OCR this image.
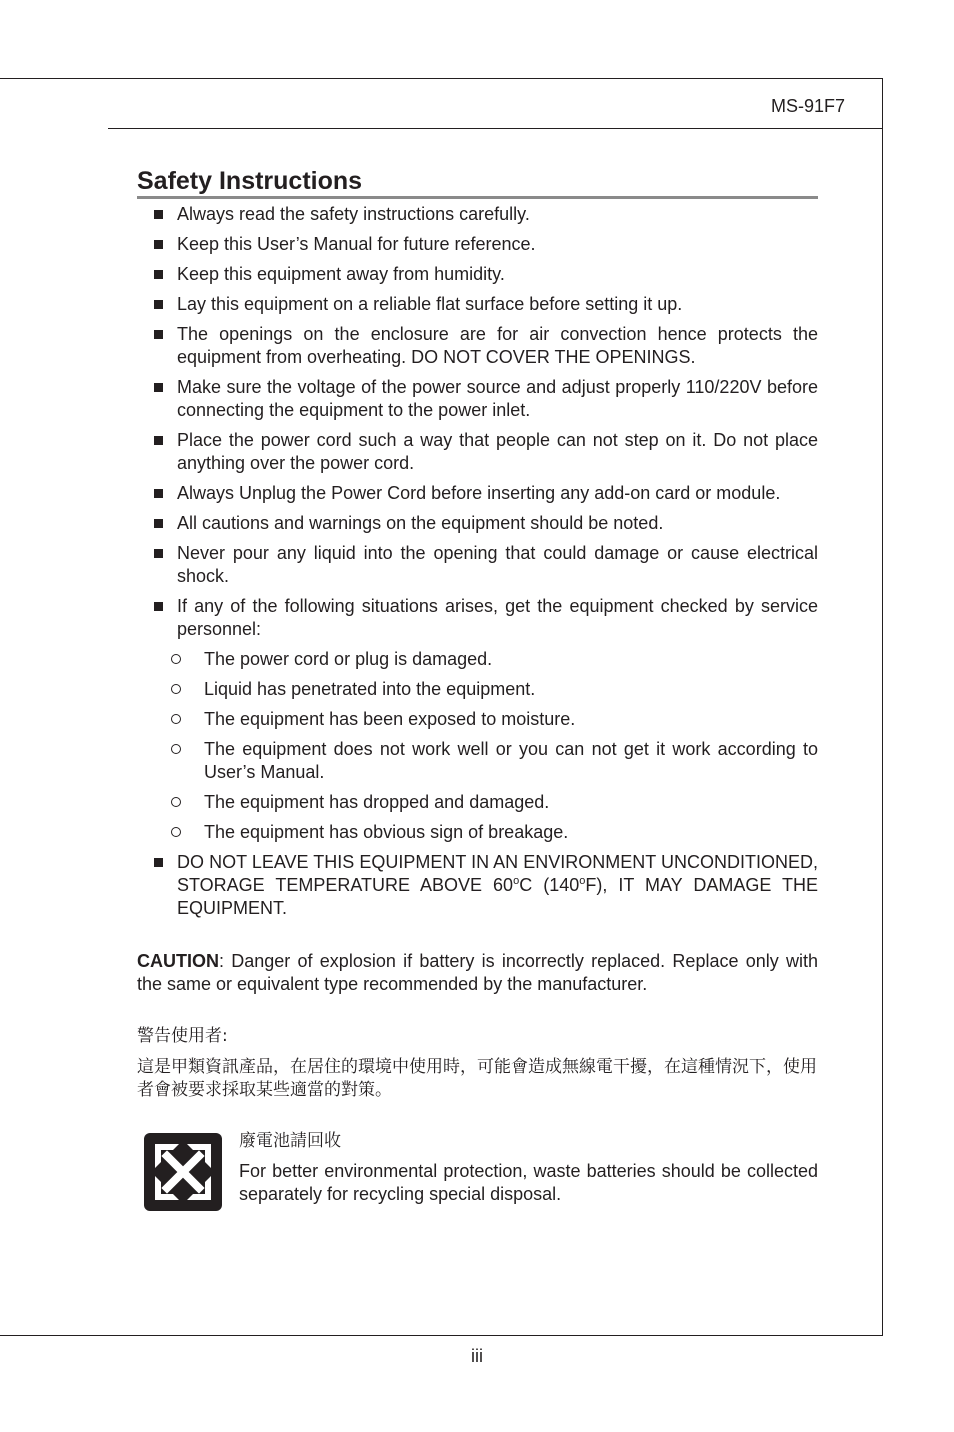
MS-91F7
Safety Instructions
Always read the safety instructions carefully.
Keep this User’s Manual for future reference.
Keep this equipment away from humidity.
Lay this equipment on a reliable flat surface before setting it up.
The openings on the enclosure are for air convection hence protects the equipment from overheating. DO NOT COVER THE OPENINGS.
Make sure the voltage of the power source and adjust properly 110/220V before connecting the equipment to the power inlet.
Place the power cord such a way that people can not step on it. Do not place anything over the power cord.
Always Unplug the Power Cord before inserting any add-on card or module.
All cautions and warnings on the equipment should be noted.
Never pour any liquid into the opening that could damage or cause electrical shock.
If any of the following situations arises, get the equipment checked by service personnel:
The power cord or plug is damaged.
Liquid has penetrated into the equipment.
The equipment has been exposed to moisture.
The equipment does not work well or you can not get it work according to User’s Manual.
The equipment has dropped and damaged.
The equipment has obvious sign of breakage.
DO NOT LEAVE THIS EQUIPMENT IN AN ENVIRONMENT UNCONDITIONED, STORAGE TEMPERATURE ABOVE 60$^o$C (140$^o$F), IT MAY DAMAGE THE EQUIPMENT.
CAUTION: Danger of explosion if battery is incorrectly replaced. Replace only with the same or equivalent type recommended by the manufacturer.
警告使用者:
這是甲類資訊產品，在居住的環境中使用時，可能會造成無線電干擾，在這種情況下，使用者會被要求採取某些適當的對策。
廢電池請回收
For better environmental protection, waste batteries should be collected separately for recycling special disposal.
iii
